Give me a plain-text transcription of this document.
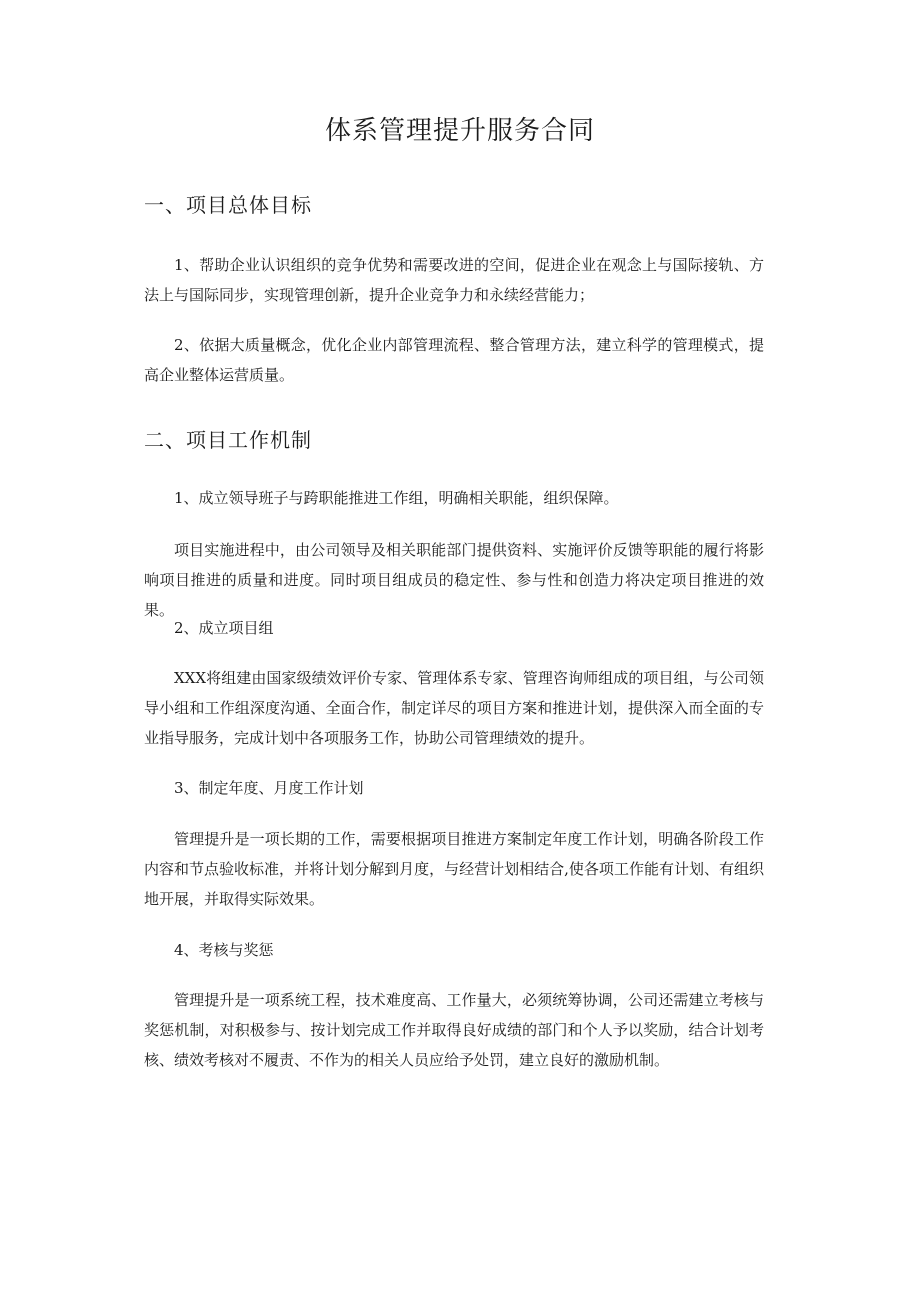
体系管理提升服务合同
一、项目总体目标

1、帮助企业认识组织的竞争优势和需要改进的空间，促进企业在观念上与国际接轨、方法上与国际同步，实现管理创新，提升企业竞争力和永续经营能力；

2、依据大质量概念，优化企业内部管理流程、整合管理方法，建立科学的管理模式，提高企业整体运营质量。

二、项目工作机制

1、成立领导班子与跨职能推进工作组，明确相关职能，组织保障。

项目实施进程中，由公司领导及相关职能部门提供资料、实施评价反馈等职能的履行将影响项目推进的质量和进度。同时项目组成员的稳定性、参与性和创造力将决定项目推进的效果。

2、成立项目组

XXX将组建由国家级绩效评价专家、管理体系专家、管理咨询师组成的项目组，与公司领导小组和工作组深度沟通、全面合作，制定详尽的项目方案和推进计划，提供深入而全面的专业指导服务，完成计划中各项服务工作，协助公司管理绩效的提升。

3、制定年度、月度工作计划

管理提升是一项长期的工作，需要根据项目推进方案制定年度工作计划，明确各阶段工作内容和节点验收标准，并将计划分解到月度，与经营计划相结合,使各项工作能有计划、有组织地开展，并取得实际效果。

4、考核与奖惩

管理提升是一项系统工程，技术难度高、工作量大，必须统筹协调，公司还需建立考核与奖惩机制，对积极参与、按计划完成工作并取得良好成绩的部门和个人予以奖励，结合计划考核、绩效考核对不履责、不作为的相关人员应给予处罚，建立良好的激励机制。
